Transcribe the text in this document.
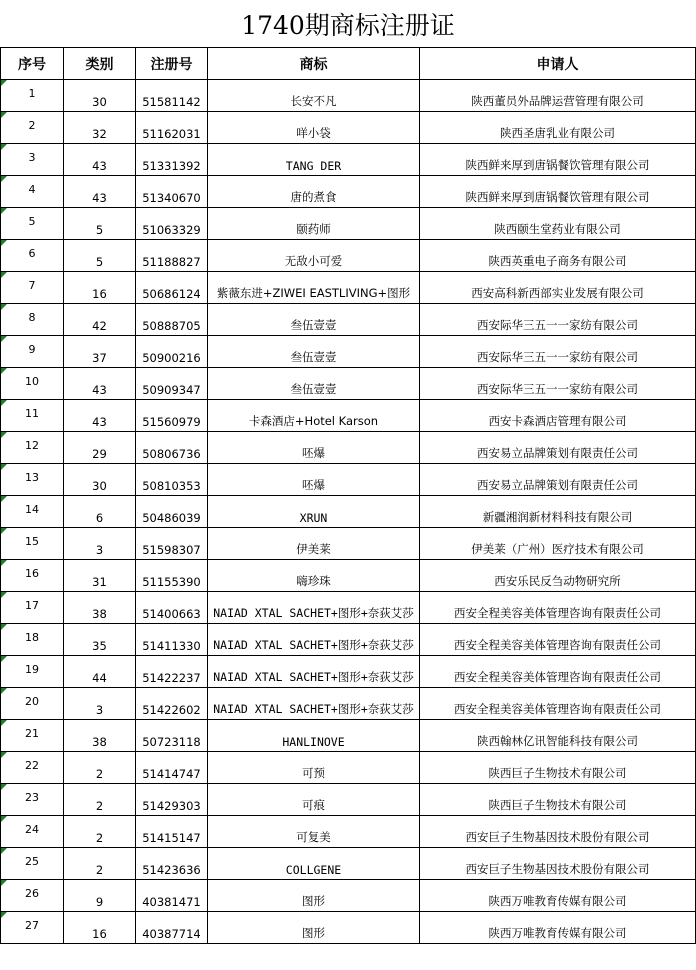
1740期商标注册证
序号	类别	注册号	商标	申请人
1	30	51581142	长安不凡	陕西董员外品牌运营管理有限公司
2	32	51162031	咩小袋	陕西圣唐乳业有限公司
3	43	51331392	TANG DER	陕西鲜来厚到唐锅餐饮管理有限公司
4	43	51340670	唐的煮食	陕西鲜来厚到唐锅餐饮管理有限公司
5	5	51063329	颐药师	陕西颐生堂药业有限公司
6	5	51188827	无敌小可爱	陕西英重电子商务有限公司
7	16	50686124	紫薇东进+ZIWEI EASTLIVING+图形	西安高科新西部实业发展有限公司
8	42	50888705	叁伍壹壹	西安际华三五一一家纺有限公司
9	37	50900216	叁伍壹壹	西安际华三五一一家纺有限公司
10	43	50909347	叁伍壹壹	西安际华三五一一家纺有限公司
11	43	51560979	卡森酒店+Hotel Karson	西安卡森酒店管理有限公司
12	29	50806736	呸爆	西安易立品牌策划有限责任公司
13	30	50810353	呸爆	西安易立品牌策划有限责任公司
14	6	50486039	XRUN	新疆湘润新材料科技有限公司
15	3	51598307	伊美莱	伊美莱（广州）医疗技术有限公司
16	31	51155390	嗨珍珠	西安乐民反刍动物研究所
17	38	51400663	NAIAD XTAL SACHET+图形+奈荻艾莎	西安全程美容美体管理咨询有限责任公司
18	35	51411330	NAIAD XTAL SACHET+图形+奈荻艾莎	西安全程美容美体管理咨询有限责任公司
19	44	51422237	NAIAD XTAL SACHET+图形+奈荻艾莎	西安全程美容美体管理咨询有限责任公司
20	3	51422602	NAIAD XTAL SACHET+图形+奈荻艾莎	西安全程美容美体管理咨询有限责任公司
21	38	50723118	HANLINOVE	陕西翰林亿讯智能科技有限公司
22	2	51414747	可预	陕西巨子生物技术有限公司
23	2	51429303	可痕	陕西巨子生物技术有限公司
24	2	51415147	可复美	西安巨子生物基因技术股份有限公司
25	2	51423636	COLLGENE	西安巨子生物基因技术股份有限公司
26	9	40381471	图形	陕西万唯教育传媒有限公司
27	16	40387714	图形	陕西万唯教育传媒有限公司
